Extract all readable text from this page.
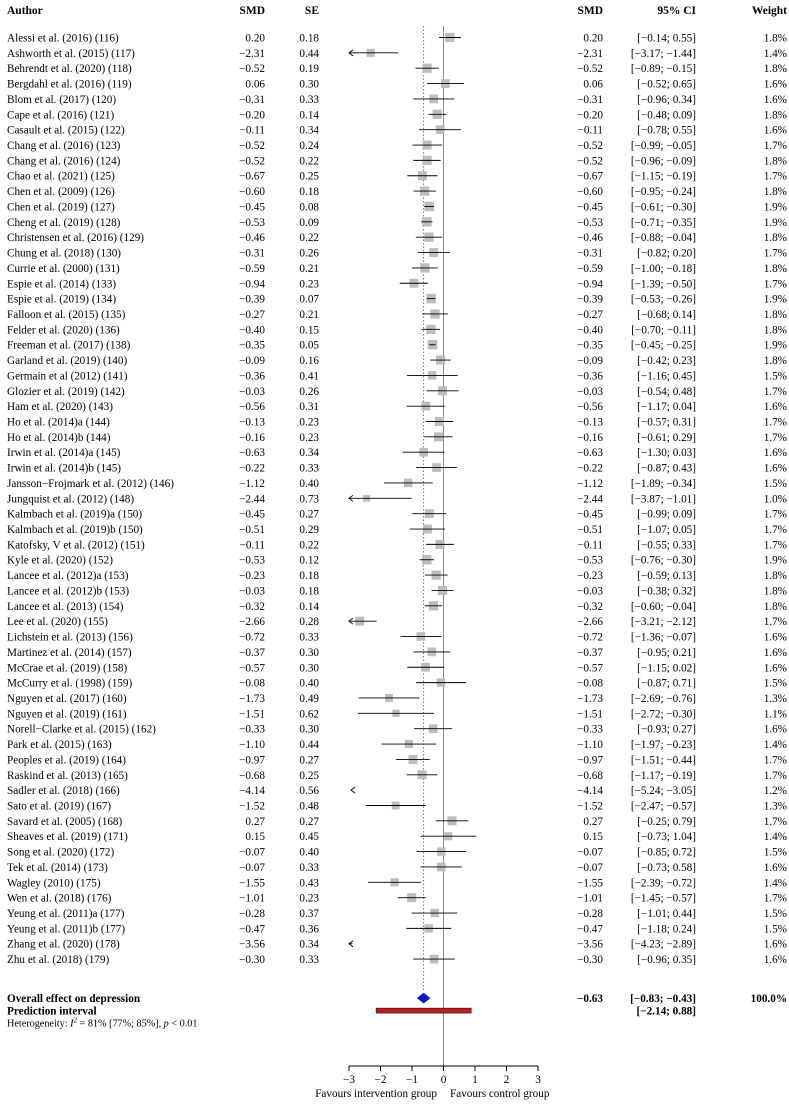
Author	SMD	SE	SMD	95% CI	Weight
Alessi et al. (2016) (116)	0.20	0.18	0.20	[−0.14; 0.55]	1.8%
Ashworth et al. (2015) (117)	−2.31	0.44	−2.31 [−3.17; −1.44]	1.4%
Behrendt et al. (2020) (118)	−0.52	0.19	−0.52 [−0.89; −0.15]	1.8%
Bergdahl et al. (2016) (119)	0.06	0.30	0.06	[−0.52; 0.65]	1.6%
Blom et al. (2017) (120)	−0.31	0.33	−0.31	[−0.96; 0.34]	1.6%
Cape et al. (2016) (121)	−0.20	0.14	−0.20	[−0.48; 0.09]	1.8%
Casault et al. (2015) (122)	−0.11	0.34	−0.11	[−0.78; 0.55]	1.6%
Chang et al. (2016) (123)	−0.52	0.24	−0.52 [−0.99; −0.05]	1.7%
Chang et al. (2016) (124)	−0.52	0.22	−0.52 [−0.96; −0.09]	1.8%
Chao et al. (2021) (125)	−0.67	0.25	−0.67 [−1.15; −0.19]	1.7%
Chen et al. (2009) (126)	−0.60	0.18	−0.60 [−0.95; −0.24]	1.8%
Chen et al. (2019) (127)	−0.45	0.08	−0.45 [−0.61; −0.30]	1.9%
Cheng et al. (2019) (128)	−0.53	0.09	−0.53 [−0.71; −0.35]	1.9%
Christensen et al. (2016) (129)	−0.46	0.22	−0.46 [−0.88; −0.04]	1.8%
Chung et al. (2018) (130)	−0.31	0.26	−0.31	[−0.82; 0.20]	1.7%
Currie et al. (2000) (131)	−0.59	0.21	−0.59 [−1.00; −0.18]	1.8%
Espie et al. (2014) (133)	−0.94	0.23	−0.94 [−1.39; −0.50]	1.7%
Espie et al. (2019) (134)	−0.39	0.07	−0.39 [−0.53; −0.26]	1.9%
Falloon et al. (2015) (135)	−0.27	0.21	−0.27	[−0.68; 0.14]	1.8%
Felder et al. (2020) (136)	−0.40	0.15	−0.40	[−0.70; −0.11]	1.8%
Freeman et al. (2017) (138)	−0.35	0.05	−0.35 [−0.45; −0.25]	1.9%
Garland et al. (2019) (140)	−0.09	0.16	−0.09	[−0.42; 0.23]	1.8%
Germain et al (2012) (141)	−0.36	0.41	−0.36	[−1.16; 0.45]	1.5%
Glozier et al. (2019) (142)	−0.03	0.26	−0.03	[−0.54; 0.48]	1.7%
Ham et al. (2020) (143)	−0.56	0.31	−0.56	[−1.17; 0.04]	1.6%
Ho et al. (2014)a (144)	−0.13	0.23	−0.13	[−0.57; 0.31]	1.7%
Ho et al. (2014)b (144)	−0.16	0.23	−0.16	[−0.61; 0.29]	1.7%
Irwin et al. (2014)a (145)	−0.63	0.34	−0.63	[−1.30; 0.03]	1.6%
Irwin et al. (2014)b (145)	−0.22	0.33	−0.22	[−0.87; 0.43]	1.6%
Jansson−Frojmark et al. (2012) (146)	−1.12	0.40	−1.12 [−1.89; −0.34]	1.5%
Jungquist et al. (2012) (148)	−2.44	0.73	−2.44 [−3.87; −1.01]	1.0%
Kalmbach et al. (2019)a (150)	−0.45	0.27	−0.45	[−0.99; 0.09]	1.7%
Kalmbach et al. (2019)b (150)	−0.51	0.29	−0.51	[−1.07; 0.05]	1.7%
Katofsky, V et al. (2012) (151)	−0.11	0.22	−0.11	[−0.55; 0.33]	1.7%
Kyle et al. (2020) (152)	−0.53	0.12	−0.53 [−0.76; −0.30]	1.9%
Lancee et al. (2012)a (153)	−0.23	0.18	−0.23	[−0.59; 0.13]	1.8%
Lancee et al. (2012)b (153)	−0.03	0.18	−0.03	[−0.38; 0.32]	1.8%
Lancee et al. (2013) (154)	−0.32	0.14	−0.32 [−0.60; −0.04]	1.8%
Lee et al. (2020) (155)	−2.66	0.28	−2.66 [−3.21; −2.12]	1.7%
Lichstein et al. (2013) (156)	−0.72	0.33	−0.72 [−1.36; −0.07]	1.6%
Martinez et al. (2014) (157)	−0.37	0.30	−0.37	[−0.95; 0.21]	1.6%
McCrae et al. (2019) (158)	−0.57	0.30	−0.57	[−1.15; 0.02]	1.6%
McCurry et al. (1998) (159)	−0.08	0.40	−0.08	[−0.87; 0.71]	1.5%
Nguyen et al. (2017) (160)	−1.73	0.49	−1.73 [−2.69; −0.76]	1.3%
Nguyen et al. (2019) (161)	−1.51	0.62	−1.51 [−2.72; −0.30]	1.1%
Norell−Clarke et al. (2015) (162)	−0.33	0.30	−0.33	[−0.93; 0.27]	1.6%
Park et al. (2015) (163)	−1.10	0.44	−1.10 [−1.97; −0.23]	1.4%
Peoples et al. (2019) (164)	−0.97	0.27	−0.97 [−1.51; −0.44]	1.7%
Raskind et al. (2013) (165)	−0.68	0.25	−0.68 [−1.17; −0.19]	1.7%
Sadler et al. (2018) (166)	−4.14	0.56	−4.14 [−5.24; −3.05]	1.2%
Sato et al. (2019) (167)	−1.52	0.48	−1.52 [−2.47; −0.57]	1.3%
Savard et al. (2005) (168)	0.27	0.27	0.27	[−0.25; 0.79]	1.7%
Sheaves et al. (2019) (171)	0.15	0.45	0.15	[−0.73; 1.04]	1.4%
Song et al. (2020) (172)	−0.07	0.40	−0.07	[−0.85; 0.72]	1.5%
Tek et al. (2014) (173)	−0.07	0.33	−0.07	[−0.73; 0.58]	1.6%
Wagley (2010) (175)	−1.55	0.43	−1.55 [−2.39; −0.72]	1.4%
Wen et al. (2018) (176)	−1.01	0.23	−1.01 [−1.45; −0.57]	1.7%
Yeung et al. (2011)a (177)	−0.28	0.37	−0.28	[−1.01; 0.44]	1.5%
Yeung et al. (2011)b (177)	−0.47	0.36	−0.47	[−1.18; 0.24]	1.5%
Zhang et al. (2020) (178)	−3.56	0.34	−3.56 [−4.23; −2.89]	1.6%
Zhu et al. (2018) (179)	−0.30	0.33	−0.30	[−0.96; 0.35]	1.6%
Overall effect on depression	−0.63 [−0.83; −0.43]	100.0%
Prediction interval	[−2.14; 0.88]
−3 −2 −1 0 1 2 3
Favours intervention group Favours control group
Heterogeneity: $I^2 = 81\%$ [77%; 85%], p < 0.01
